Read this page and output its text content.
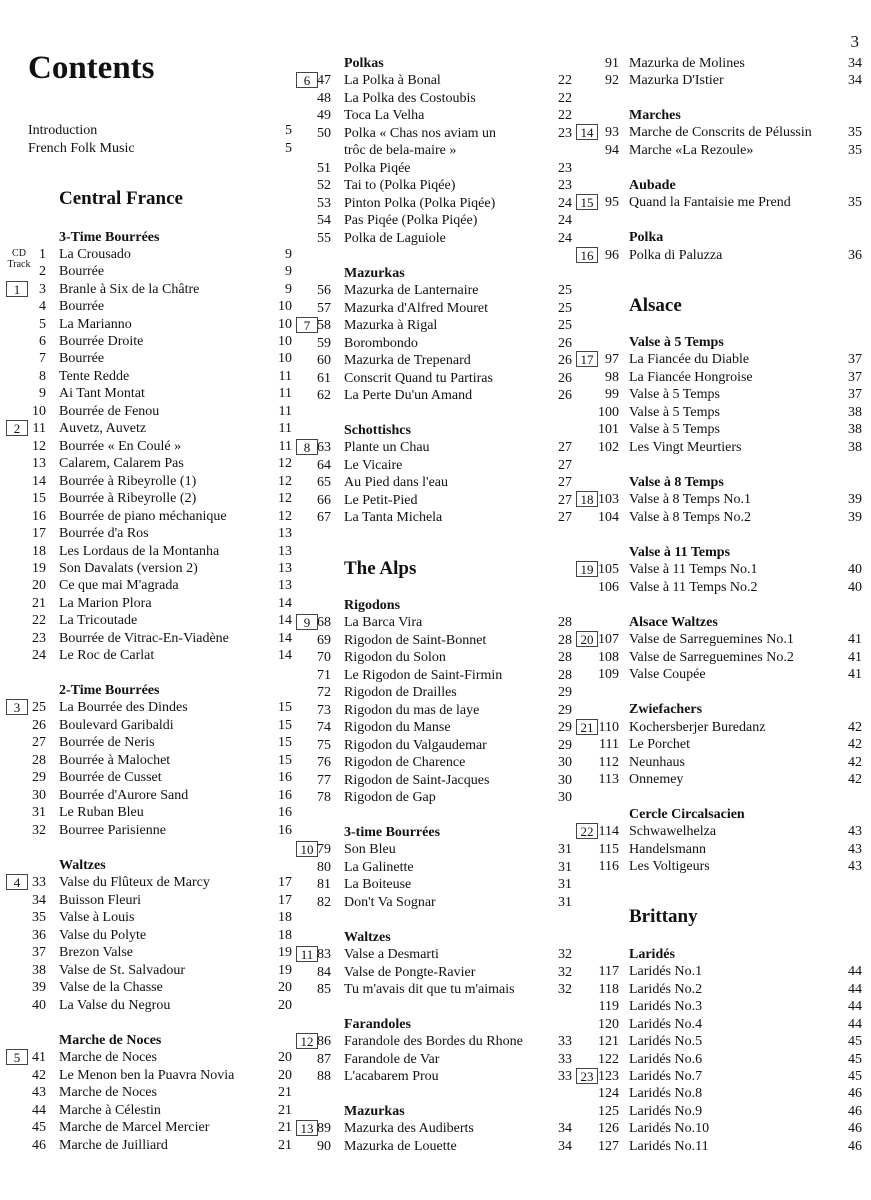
3
Contents
Introduction	5
French Folk Music	5
CD Track
Central France
3-Time Bourrées
1 La Crousado	9
2 Bourrée	9
1	3 Branle à Six de la Châtre	9
4 Bourrée	10
5 La Marianno	10
6 Bourrée Droite	10
7 Bourrée	10
8 Tente Redde	11
9 Ai Tant Montat	11
10 Bourrée de Fenou	11
2 11 Auvetz, Auvetz	11
12 Bourrée « En Coulé »	11
13 Calarem, Calarem Pas	12
14 Bourrée à Ribeyrolle (1)	12
15 Bourrée à Ribeyrolle (2)	12
16 Bourrée de piano méchanique	12
17 Bourrée d'a Ros	13
18 Les Lordaus de la Montanha	13
19 Son Davalats (version 2)	13
20 Ce que mai M'agrada	13
21 La Marion Plora	14
22 La Tricoutade	14
23 Bourrée de Vitrac-En-Viadène	14
24 Le Roc de Carlat	14
2-Time Bourrées
3 25 La Bourrée des Dindes	15
26 Boulevard Garibaldi	15
27 Bourrée de Neris	15
28 Bourrée à Malochet	15
29 Bourrée de Cusset	16
30 Bourrée d'Aurore Sand	16
31 Le Ruban Bleu	16
32 Bourree Parisienne	16
Waltzes
4 33 Valse du Flûteux de Marcy	17
34 Buisson Fleuri	17
35 Valse à Louis	18
36 Valse du Polyte	18
37 Brezon Valse	19
38 Valse de St. Salvadour	19
39 Valse de la Chasse	20
40 La Valse du Negrou	20
Marche de Noces
5 41 Marche de Noces	20
42 Le Menon ben la Puavra Novia	20
43 Marche de Noces	21
44 Marche à Célestin	21
45 Marche de Marcel Mercier	21
46 Marche de Juilliard	21
Polkas
6 47 La Polka à Bonal	22
48 La Polka des Costoubis	22
49 Toca La Velha	22
50 Polka « Chas nos aviam un	23
trôc de bela-maire »
51 Polka Piqée	23
52 Tai to (Polka Piqée)	23
53 Pinton Polka (Polka Piqée)	24
54 Pas Piqée (Polka Piqée)	24
55 Polka de Laguiole	24
Mazurkas
56 Mazurka de Lanternaire	25
57 Mazurka d'Alfred Mouret	25
7 58 Mazurka à Rigal	25
59 Borombondo	26
60 Mazurka de Trepenard	26
61 Conscrit Quand tu Partiras	26
62 La Perte Du'un Amand	26
Schottishcs
8 63 Plante un Chau	27
64 Le Vicaire	27
65 Au Pied dans l'eau	27
66 Le Petit-Pied	27
67 La Tanta Michela	27
The Alps
Rigodons
9 68 La Barca Vira	28
69 Rigodon de Saint-Bonnet	28
70 Rigodon du Solon	28
71 Le Rigodon de Saint-Firmin	28
72 Rigodon de Drailles	29
73 Rigodon du mas de laye	29
74 Rigodon du Manse	29
75 Rigodon du Valgaudemar	29
76 Rigodon de Charence	30
77 Rigodon de Saint-Jacques	30
78 Rigodon de Gap	30
3-time Bourrées
10 79 Son Bleu	31
80 La Galinette	31
81 La Boiteuse	31
82 Don't Va Sognar	31
Waltzes
11 83 Valse a Desmarti	32
84 Valse de Pongte-Ravier	32
85 Tu m'avais dit que tu m'aimais	32
Farandoles
12 86 Farandole des Bordes du Rhone	33
87 Farandole de Var	33
88 L'acabarem Prou	33
Mazurkas
13 89 Mazurka des Audiberts	34
90 Mazurka de Louette	34
91 Mazurka de Molines	34
92 Mazurka D'Istier	34
Marches
14 93 Marche de Conscrits de Pélussin	35
94 Marche «La Rezoule»	35
Aubade
15 95 Quand la Fantaisie me Prend	35
Polka
16 96 Polka di Paluzza	36
Alsace
Valse à 5 Temps
17 97 La Fiancée du Diable	37
98 La Fiancée Hongroise	37
99 Valse à 5 Temps	37
100 Valse à 5 Temps	38
101 Valse à 5 Temps	38
102 Les Vingt Meurtiers	38
Valse à 8 Temps
18 103 Valse à 8 Temps No.1	39
104 Valse à 8 Temps No.2	39
Valse à 11 Temps
19 105 Valse à 11 Temps No.1	40
106 Valse à 11 Temps No.2	40
Alsace Waltzes
20 107 Valse de Sarreguemines No.1	41
108 Valse de Sarreguemines No.2	41
109 Valse Coupée	41
Zwiefachers
21 110 Kochersberjer Buredanz	42
111 Le Porchet	42
112 Neunhaus	42
113 Onnemey	42
Cercle Circalsacien
22 114 Schwawelhelza	43
115 Handelsmann	43
116 Les Voltigeurs	43
Brittany
Laridés
117 Laridés No.1	44
118 Laridés No.2	44
119 Laridés No.3	44
120 Laridés No.4	44
121 Laridés No.5	45
122 Laridés No.6	45
23 123 Laridés No.7	45
124 Laridés No.8	46
125 Laridés No.9	46
126 Laridés No.10	46
127 Laridés No.11	46
